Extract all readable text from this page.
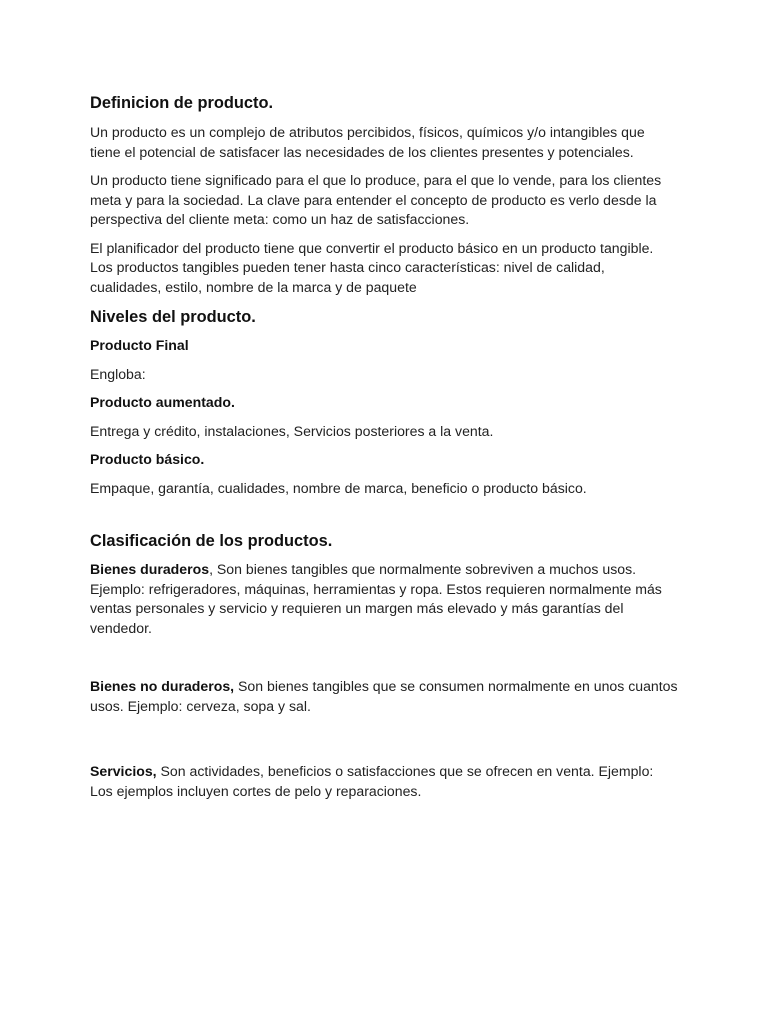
Definicion de producto.

Un producto es un complejo de atributos percibidos, físicos, químicos y/o intangibles que tiene el potencial de satisfacer las necesidades de los clientes presentes y potenciales.

Un producto tiene significado para el que lo produce, para el que lo vende, para los clientes meta y para la sociedad. La clave para entender el concepto de producto es verlo desde la perspectiva del cliente meta: como un haz de satisfacciones.

El planificador del producto tiene que convertir el producto básico en un producto tangible. Los productos tangibles pueden tener hasta cinco características: nivel de calidad, cualidades, estilo, nombre de la marca y de paquete

Niveles del producto.

Producto Final

Engloba:

Producto aumentado.

Entrega y crédito, instalaciones, Servicios posteriores a la venta.

Producto básico.

Empaque, garantía, cualidades, nombre de marca, beneficio o producto básico.

Clasificación de los productos.

Bienes duraderos, Son bienes tangibles que normalmente sobreviven a muchos usos. Ejemplo: refrigeradores, máquinas, herramientas y ropa. Estos requieren normalmente más ventas personales y servicio y requieren un margen más elevado y más garantías del vendedor.

Bienes no duraderos, Son bienes tangibles que se consumen normalmente en unos cuantos usos. Ejemplo: cerveza, sopa y sal.

Servicios, Son actividades, beneficios o satisfacciones que se ofrecen en venta. Ejemplo: Los ejemplos incluyen cortes de pelo y reparaciones.
